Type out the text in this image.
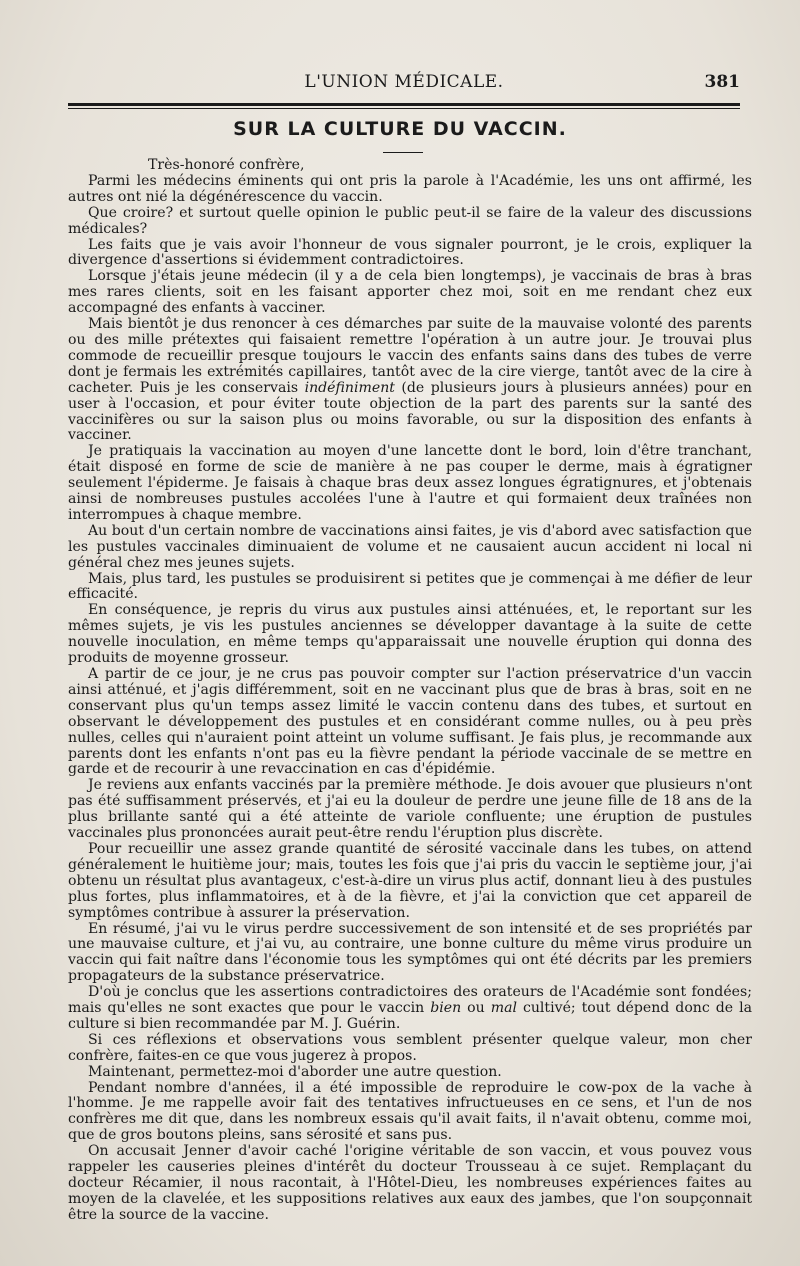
L'UNION MÉDICALE.	381
SUR LA CULTURE DU VACCIN.

Très-honoré confrère,

Parmi les médecins éminents qui ont pris la parole à l'Académie, les uns ont affirmé, les autres ont nié la dégénérescence du vaccin.

Que croire? et surtout quelle opinion le public peut-il se faire de la valeur des discussions médicales?

Les faits que je vais avoir l'honneur de vous signaler pourront, je le crois, expliquer la divergence d'assertions si évidemment contradictoires.

Lorsque j'étais jeune médecin (il y a de cela bien longtemps), je vaccinais de bras à bras mes rares clients, soit en les faisant apporter chez moi, soit en me rendant chez eux accompagné des enfants à vacciner.

Mais bientôt je dus renoncer à ces démarches par suite de la mauvaise volonté des parents ou des mille prétextes qui faisaient remettre l'opération à un autre jour. Je trouvai plus commode de recueillir presque toujours le vaccin des enfants sains dans des tubes de verre dont je fermais les extrémités capillaires, tantôt avec de la cire vierge, tantôt avec de la cire à cacheter. Puis je les conservais indéfiniment (de plusieurs jours à plusieurs années) pour en user à l'occasion, et pour éviter toute objection de la part des parents sur la santé des vaccinifères ou sur la saison plus ou moins favorable, ou sur la disposition des enfants à vacciner.

Je pratiquais la vaccination au moyen d'une lancette dont le bord, loin d'être tranchant, était disposé en forme de scie de manière à ne pas couper le derme, mais à égratigner seulement l'épiderme. Je faisais à chaque bras deux assez longues égratignures, et j'obtenais ainsi de nombreuses pustules accolées l'une à l'autre et qui formaient deux traînées non interrompues à chaque membre.

Au bout d'un certain nombre de vaccinations ainsi faites, je vis d'abord avec satisfaction que les pustules vaccinales diminuaient de volume et ne causaient aucun accident ni local ni général chez mes jeunes sujets.

Mais, plus tard, les pustules se produisirent si petites que je commençai à me défier de leur efficacité.

En conséquence, je repris du virus aux pustules ainsi atténuées, et, le reportant sur les mêmes sujets, je vis les pustules anciennes se développer davantage à la suite de cette nouvelle inoculation, en même temps qu'apparaissait une nouvelle éruption qui donna des produits de moyenne grosseur.

A partir de ce jour, je ne crus pas pouvoir compter sur l'action préservatrice d'un vaccin ainsi atténué, et j'agis différemment, soit en ne vaccinant plus que de bras à bras, soit en ne conservant plus qu'un temps assez limité le vaccin contenu dans des tubes, et surtout en observant le développement des pustules et en considérant comme nulles, ou à peu près nulles, celles qui n'auraient point atteint un volume suffisant. Je fais plus, je recommande aux parents dont les enfants n'ont pas eu la fièvre pendant la période vaccinale de se mettre en garde et de recourir à une revaccination en cas d'épidémie.

Je reviens aux enfants vaccinés par la première méthode. Je dois avouer que plusieurs n'ont pas été suffisamment préservés, et j'ai eu la douleur de perdre une jeune fille de 18 ans de la plus brillante santé qui a été atteinte de variole confluente; une éruption de pustules vaccinales plus prononcées aurait peut-être rendu l'éruption plus discrète.

Pour recueillir une assez grande quantité de sérosité vaccinale dans les tubes, on attend généralement le huitième jour; mais, toutes les fois que j'ai pris du vaccin le septième jour, j'ai obtenu un résultat plus avantageux, c'est-à-dire un virus plus actif, donnant lieu à des pustules plus fortes, plus inflammatoires, et à de la fièvre, et j'ai la conviction que cet appareil de symptômes contribue à assurer la préservation.

En résumé, j'ai vu le virus perdre successivement de son intensité et de ses propriétés par une mauvaise culture, et j'ai vu, au contraire, une bonne culture du même virus produire un vaccin qui fait naître dans l'économie tous les symptômes qui ont été décrits par les premiers propagateurs de la substance préservatrice.

D'où je conclus que les assertions contradictoires des orateurs de l'Académie sont fondées; mais qu'elles ne sont exactes que pour le vaccin bien ou mal cultivé; tout dépend donc de la culture si bien recommandée par M. J. Guérin.

Si ces réflexions et observations vous semblent présenter quelque valeur, mon cher confrère, faites-en ce que vous jugerez à propos.

Maintenant, permettez-moi d'aborder une autre question.

Pendant nombre d'années, il a été impossible de reproduire le cow-pox de la vache à l'homme. Je me rappelle avoir fait des tentatives infructueuses en ce sens, et l'un de nos confrères me dit que, dans les nombreux essais qu'il avait faits, il n'avait obtenu, comme moi, que de gros boutons pleins, sans sérosité et sans pus.

On accusait Jenner d'avoir caché l'origine véritable de son vaccin, et vous pouvez vous rappeler les causeries pleines d'intérêt du docteur Trousseau à ce sujet. Remplaçant du docteur Récamier, il nous racontait, à l'Hôtel-Dieu, les nombreuses expériences faites au moyen de la clavelée, et les suppositions relatives aux eaux des jambes, que l'on soupçonnait être la source de la vaccine.
